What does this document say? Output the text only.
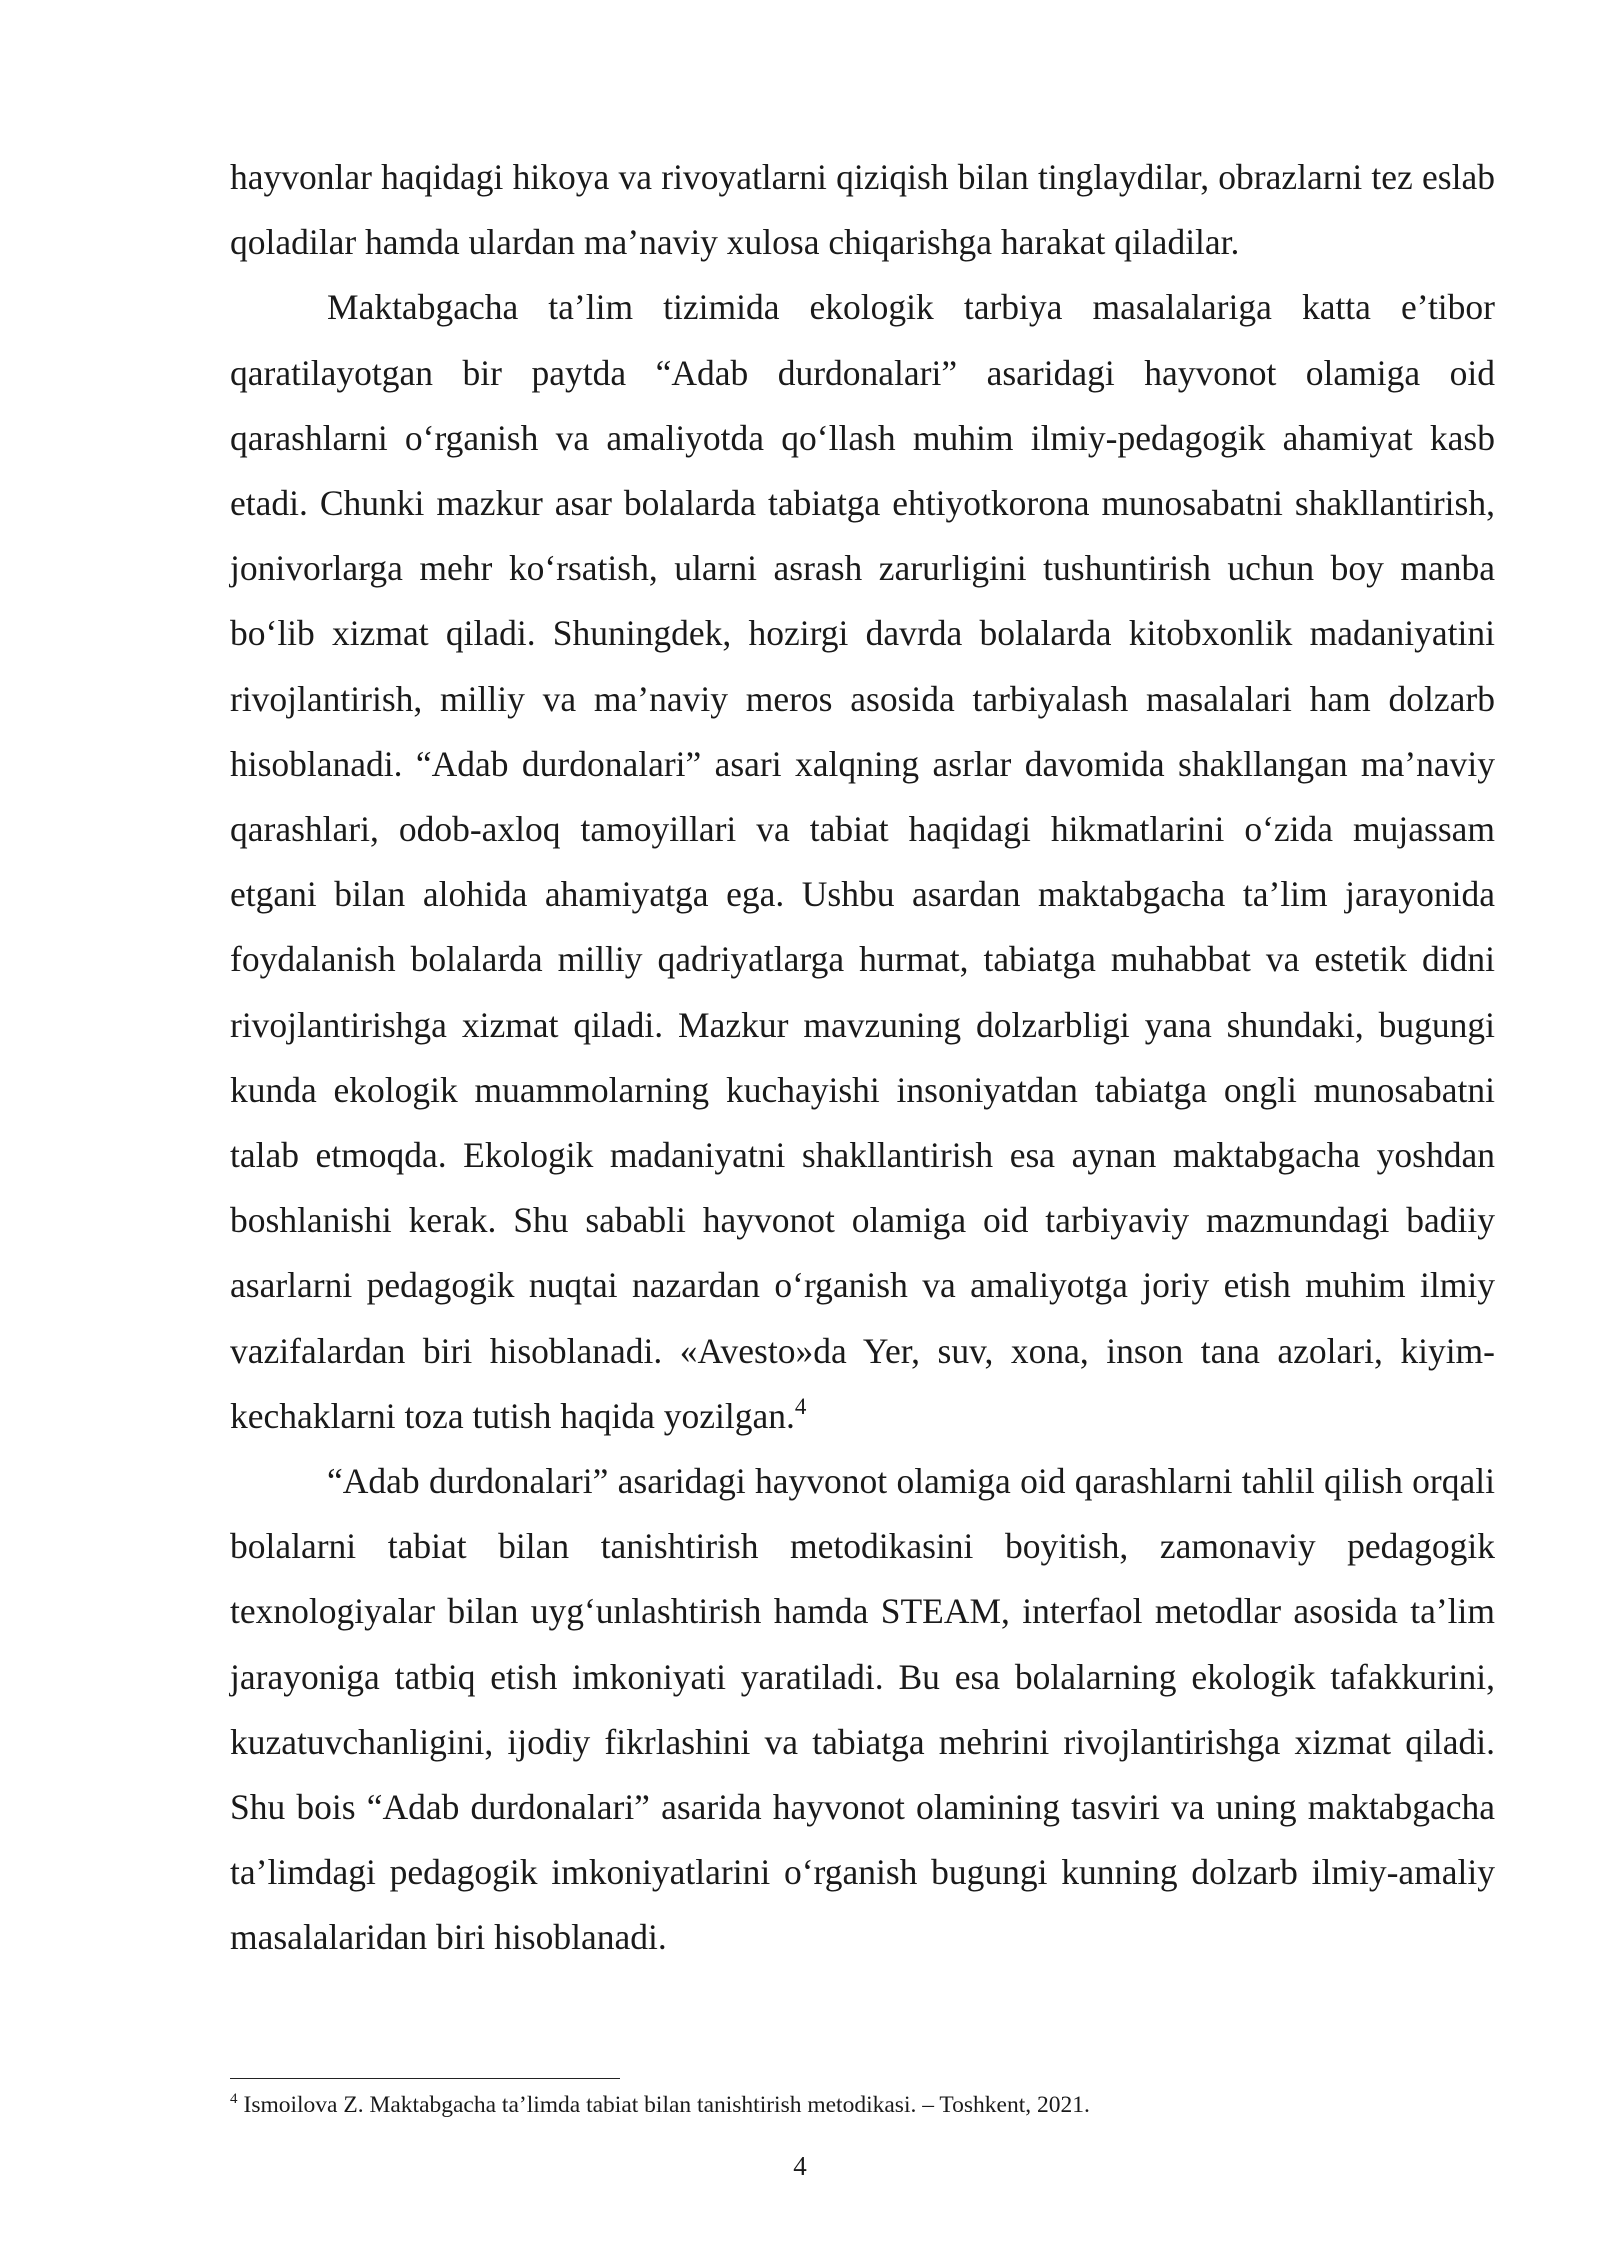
hayvonlar haqidagi hikoya va rivoyatlarni qiziqish bilan tinglaydilar, obrazlarni tez eslab qoladilar hamda ulardan ma’naviy xulosa chiqarishga harakat qiladilar.

Maktabgacha ta’lim tizimida ekologik tarbiya masalalariga katta e’tibor qaratilayotgan bir paytda “Adab durdonalari” asaridagi hayvonot olamiga oid qarashlarni o‘rganish va amaliyotda qo‘llash muhim ilmiy-pedagogik ahamiyat kasb etadi. Chunki mazkur asar bolalarda tabiatga ehtiyotkorona munosabatni shakllantirish, jonivorlarga mehr ko‘rsatish, ularni asrash zarurligini tushuntirish uchun boy manba bo‘lib xizmat qiladi. Shuningdek, hozirgi davrda bolalarda kitobxonlik madaniyatini rivojlantirish, milliy va ma’naviy meros asosida tarbiyalash masalalari ham dolzarb hisoblanadi. “Adab durdonalari” asari xalqning asrlar davomida shakllangan ma’naviy qarashlari, odob-axloq tamoyillari va tabiat haqidagi hikmatlarini o‘zida mujassam etgani bilan alohida ahamiyatga ega. Ushbu asardan maktabgacha ta’lim jarayonida foydalanish bolalarda milliy qadriyatlarga hurmat, tabiatga muhabbat va estetik didni rivojlantirishga xizmat qiladi. Mazkur mavzuning dolzarbligi yana shundaki, bugungi kunda ekologik muammolarning kuchayishi insoniyatdan tabiatga ongli munosabatni talab etmoqda. Ekologik madaniyatni shakllantirish esa aynan maktabgacha yoshdan boshlanishi kerak. Shu sababli hayvonot olamiga oid tarbiyaviy mazmundagi badiiy asarlarni pedagogik nuqtai nazardan o‘rganish va amaliyotga joriy etish muhim ilmiy vazifalardan biri hisoblanadi. «Avesto»da Yer, suv, xona, inson tana azolari, kiyim-kechaklarni toza tutish haqida yozilgan.$^4$

“Adab durdonalari” asaridagi hayvonot olamiga oid qarashlarni tahlil qilish orqali bolalarni tabiat bilan tanishtirish metodikasini boyitish, zamonaviy pedagogik texnologiyalar bilan uyg‘unlashtirish hamda STEAM, interfaol metodlar asosida ta’lim jarayoniga tatbiq etish imkoniyati yaratiladi. Bu esa bolalarning ekologik tafakkurini, kuzatuvchanligini, ijodiy fikrlashini va tabiatga mehrini rivojlantirishga xizmat qiladi. Shu bois “Adab durdonalari” asarida hayvonot olamining tasviri va uning maktabgacha ta’limdagi pedagogik imkoniyatlarini o‘rganish bugungi kunning dolzarb ilmiy-amaliy masalalaridan biri hisoblanadi.

$^4$ Ismoilova Z. Maktabgacha ta’limda tabiat bilan tanishtirish metodikasi. – Toshkent, 2021.

4
